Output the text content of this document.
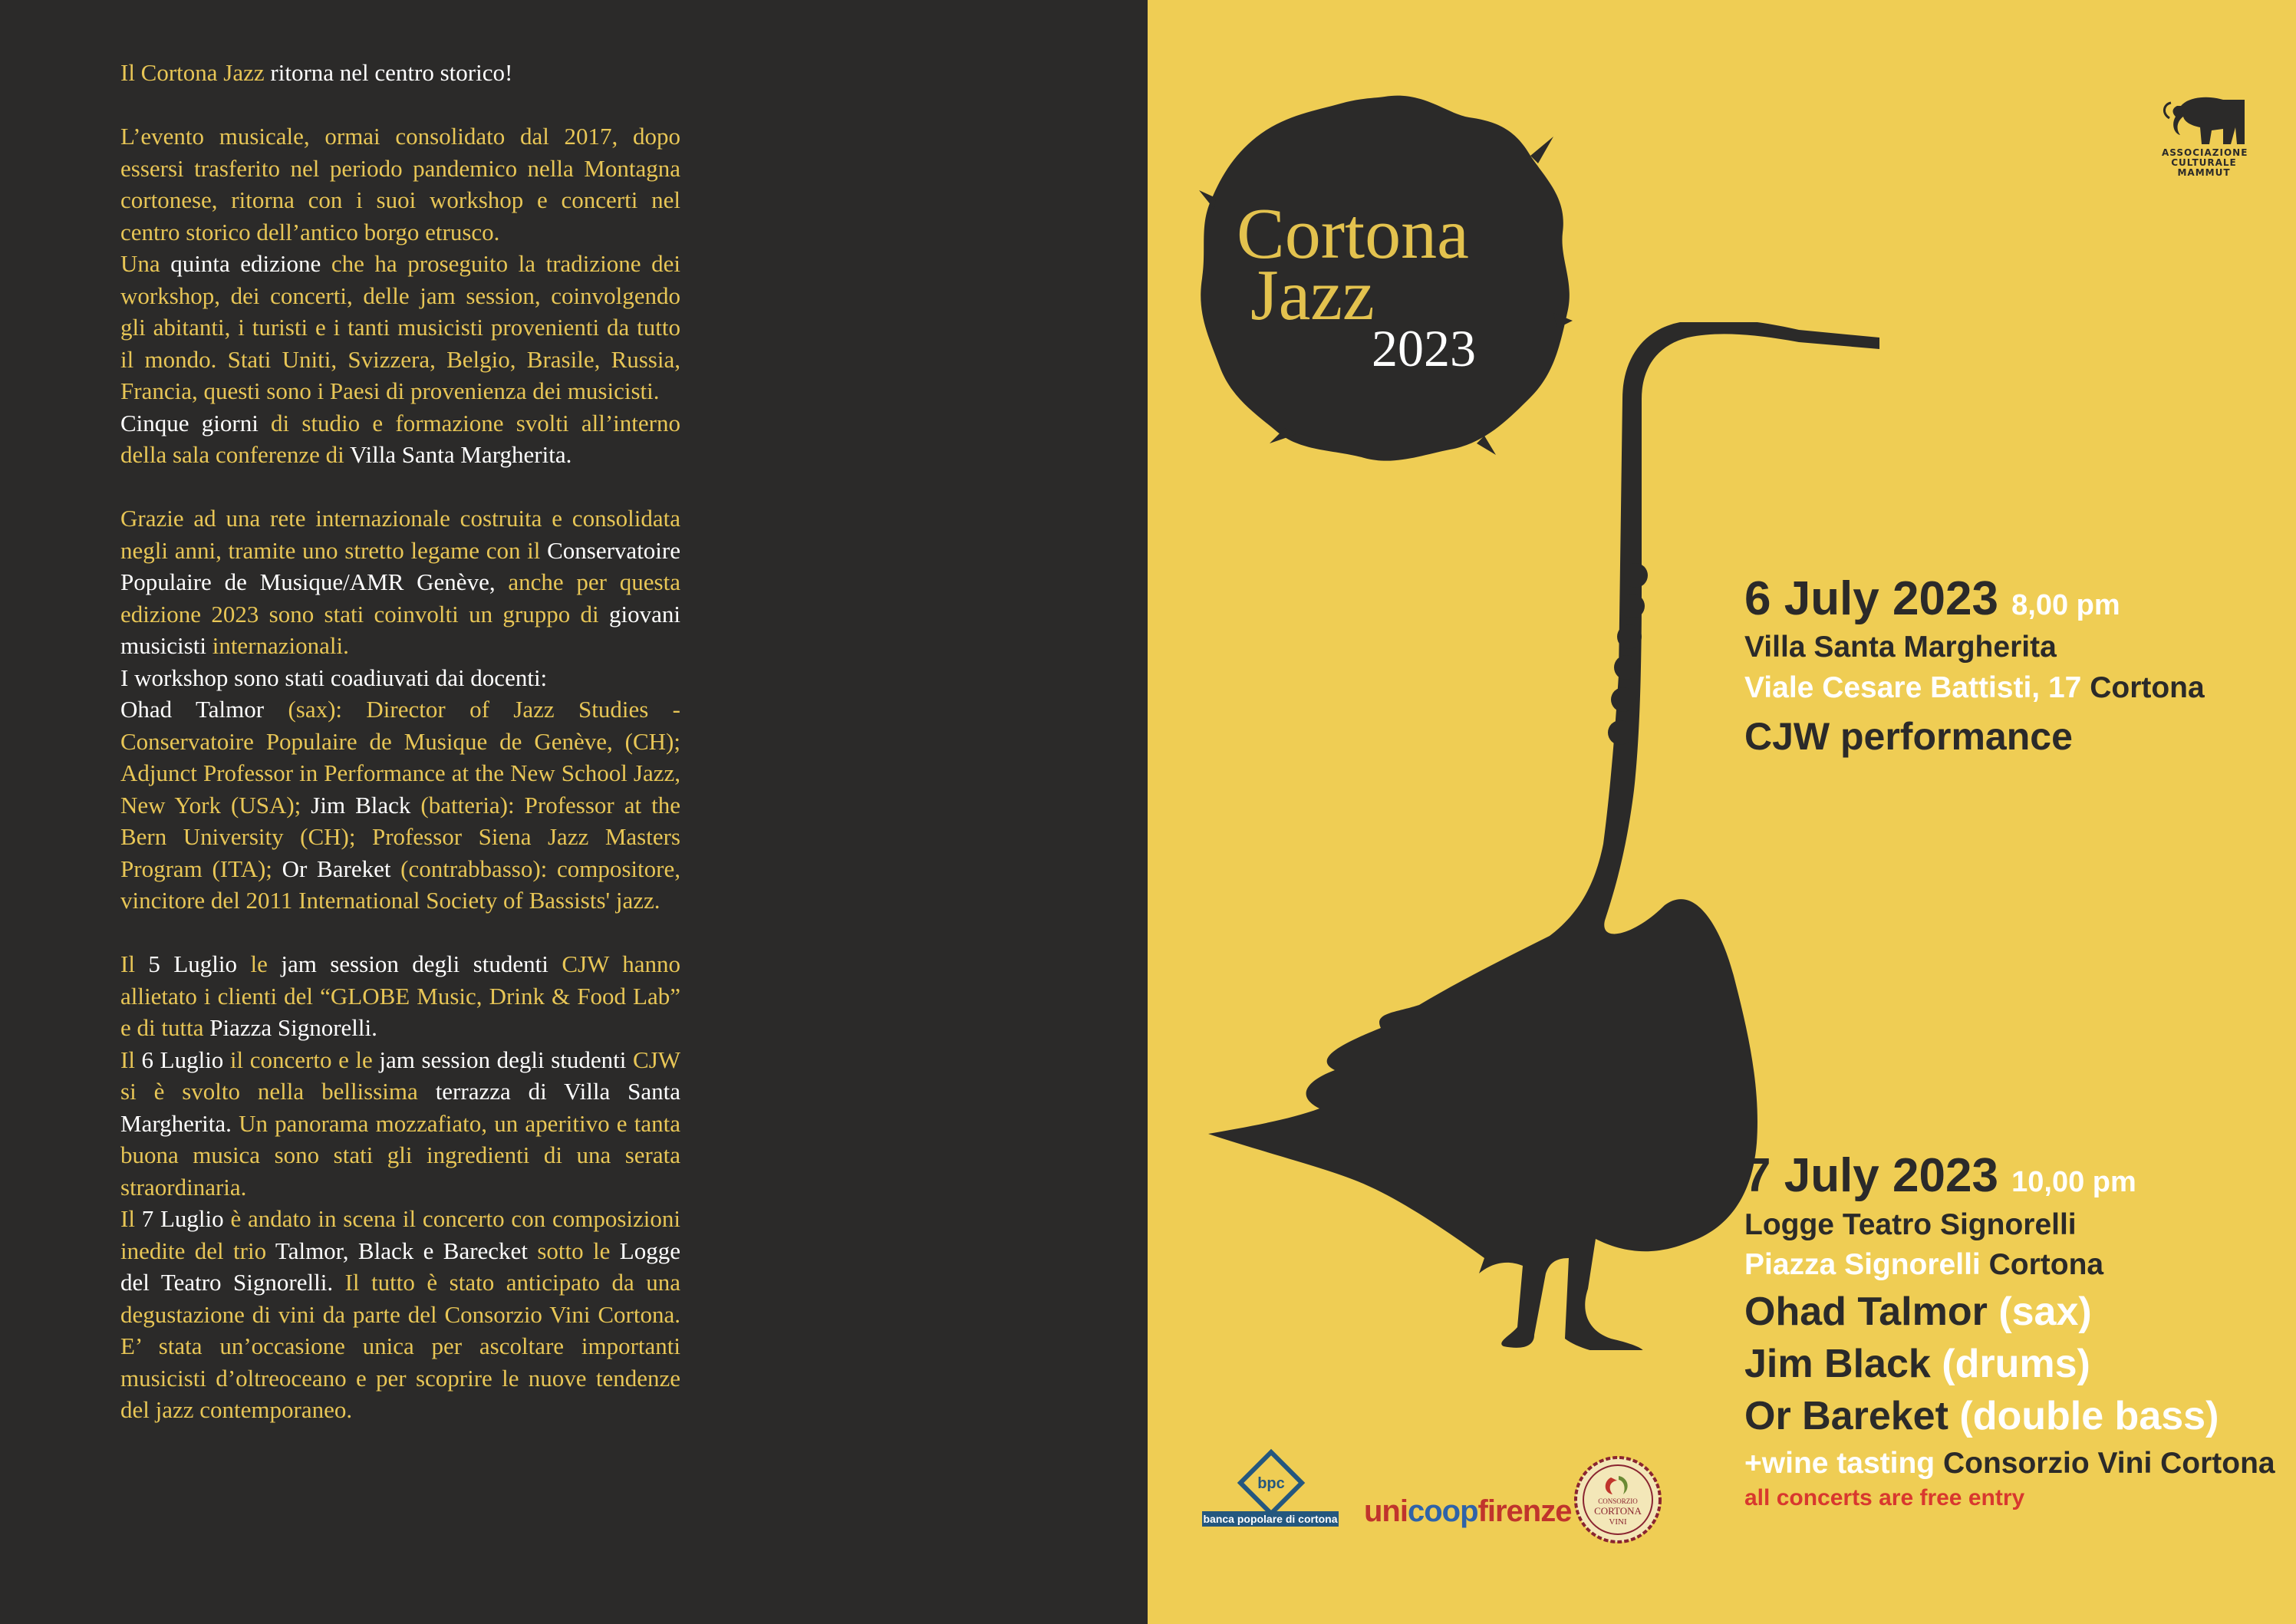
Il Cortona Jazz ritorna nel centro storico!

L’evento musicale, ormai consolidato dal 2017, dopo essersi trasferito nel periodo pandemico nella Montagna cortonese, ritorna con i suoi workshop e concerti nel centro storico dell’antico borgo etrusco.

Una quinta edizione che ha proseguito la tradizione dei workshop, dei concerti, delle jam session, coinvolgendo gli abitanti, i turisti e i tanti musicisti provenienti da tutto il mondo. Stati Uniti, Svizzera, Belgio, Brasile, Russia, Francia, questi sono i Paesi di provenienza dei musicisti.

Cinque giorni di studio e formazione svolti all’interno della sala conferenze di Villa Santa Margherita.

Grazie ad una rete internazionale costruita e consolidata negli anni, tramite uno stretto legame con il Conservatoire Populaire de Musique/AMR Genève, anche per questa edizione 2023 sono stati coinvolti un gruppo di giovani musicisti internazionali.

I workshop sono stati coadiuvati dai docenti:

Ohad Talmor (sax): Director of Jazz Studies - Conservatoire Populaire de Musique de Genève, (CH); Adjunct Professor in Performance at the New School Jazz, New York (USA); Jim Black (batteria): Professor at the Bern University (CH); Professor Siena Jazz Masters Program (ITA); Or Bareket (contrabbasso): compositore, vincitore del 2011 International Society of Bassists' jazz.

Il 5 Luglio le jam session degli studenti CJW hanno allietato i clienti del “GLOBE Music, Drink & Food Lab” e di tutta Piazza Signorelli.

Il 6 Luglio il concerto e le jam session degli studenti CJW si è svolto nella bellissima terrazza di Villa Santa Margherita. Un panorama mozzafiato, un aperitivo e tanta buona musica sono stati gli ingredienti di una serata straordinaria.

Il 7 Luglio è andato in scena il concerto con composizioni inedite del trio Talmor, Black e Barecket sotto le Logge del Teatro Signorelli. Il tutto è stato anticipato da una degustazione di vini da parte del Consorzio Vini Cortona. E’ stata un’occasione unica per ascoltare importanti musicisti d’oltreoceano e per scoprire le nuove tendenze del jazz contemporaneo.

Cortona
Jazz
2023
ASSOCIAZIONE
CULTURALE
MAMMUT
6 July 2023 8,00 pm
Villa Santa Margherita
Viale Cesare Battisti, 17 Cortona
CJW performance
7 July 2023 10,00 pm
Logge Teatro Signorelli
Piazza Signorelli Cortona
Ohad Talmor (sax)
Jim Black (drums)
Or Bareket (double bass)
+wine tasting Consorzio Vini Cortona
all concerts are free entry
bpc
banca popolare di cortona unicoopfirenze	CONSORZIO
CORTONA
VINI
